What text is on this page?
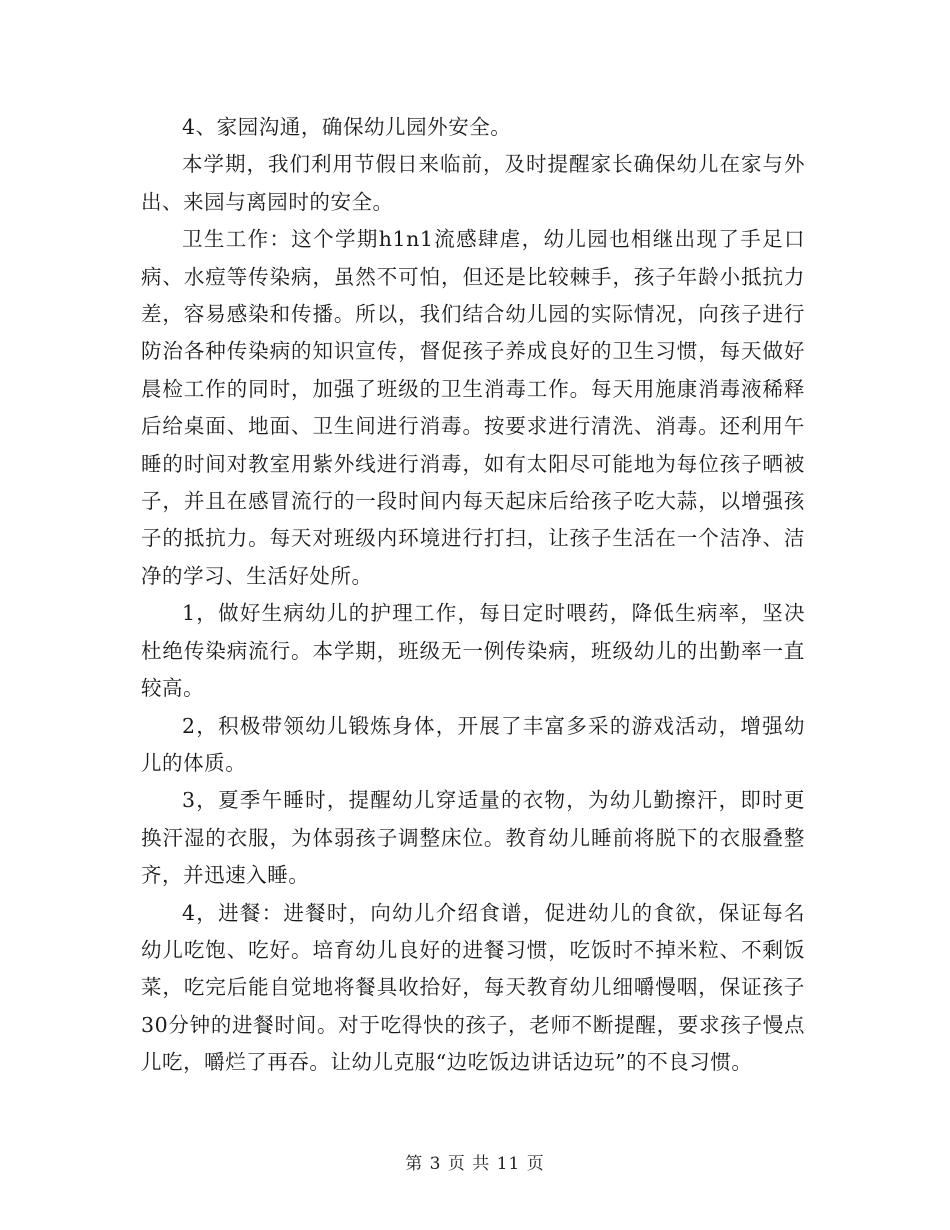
4、家园沟通，确保幼儿园外安全。

本学期，我们利用节假日来临前，及时提醒家长确保幼儿在家与外出、来园与离园时的安全。

卫生工作：这个学期h1n1流感肆虐，幼儿园也相继出现了手足口病、水痘等传染病，虽然不可怕，但还是比较棘手，孩子年龄小抵抗力差，容易感染和传播。所以，我们结合幼儿园的实际情况，向孩子进行防治各种传染病的知识宣传，督促孩子养成良好的卫生习惯，每天做好晨检工作的同时，加强了班级的卫生消毒工作。每天用施康消毒液稀释后给桌面、地面、卫生间进行消毒。按要求进行清洗、消毒。还利用午睡的时间对教室用紫外线进行消毒，如有太阳尽可能地为每位孩子晒被子，并且在感冒流行的一段时间内每天起床后给孩子吃大蒜，以增强孩子的抵抗力。每天对班级内环境进行打扫，让孩子生活在一个洁净、洁净的学习、生活好处所。

1，做好生病幼儿的护理工作，每日定时喂药，降低生病率，坚决杜绝传染病流行。本学期，班级无一例传染病，班级幼儿的出勤率一直较高。

2，积极带领幼儿锻炼身体，开展了丰富多采的游戏活动，增强幼儿的体质。

3，夏季午睡时，提醒幼儿穿适量的衣物，为幼儿勤擦汗，即时更换汗湿的衣服，为体弱孩子调整床位。教育幼儿睡前将脱下的衣服叠整齐，并迅速入睡。

4，进餐：进餐时，向幼儿介绍食谱，促进幼儿的食欲，保证每名幼儿吃饱、吃好。培育幼儿良好的进餐习惯，吃饭时不掉米粒、不剩饭菜，吃完后能自觉地将餐具收拾好，每天教育幼儿细嚼慢咽，保证孩子30分钟的进餐时间。对于吃得快的孩子，老师不断提醒，要求孩子慢点儿吃，嚼烂了再吞。让幼儿克服“边吃饭边讲话边玩”的不良习惯。

第 3 页 共 11 页
